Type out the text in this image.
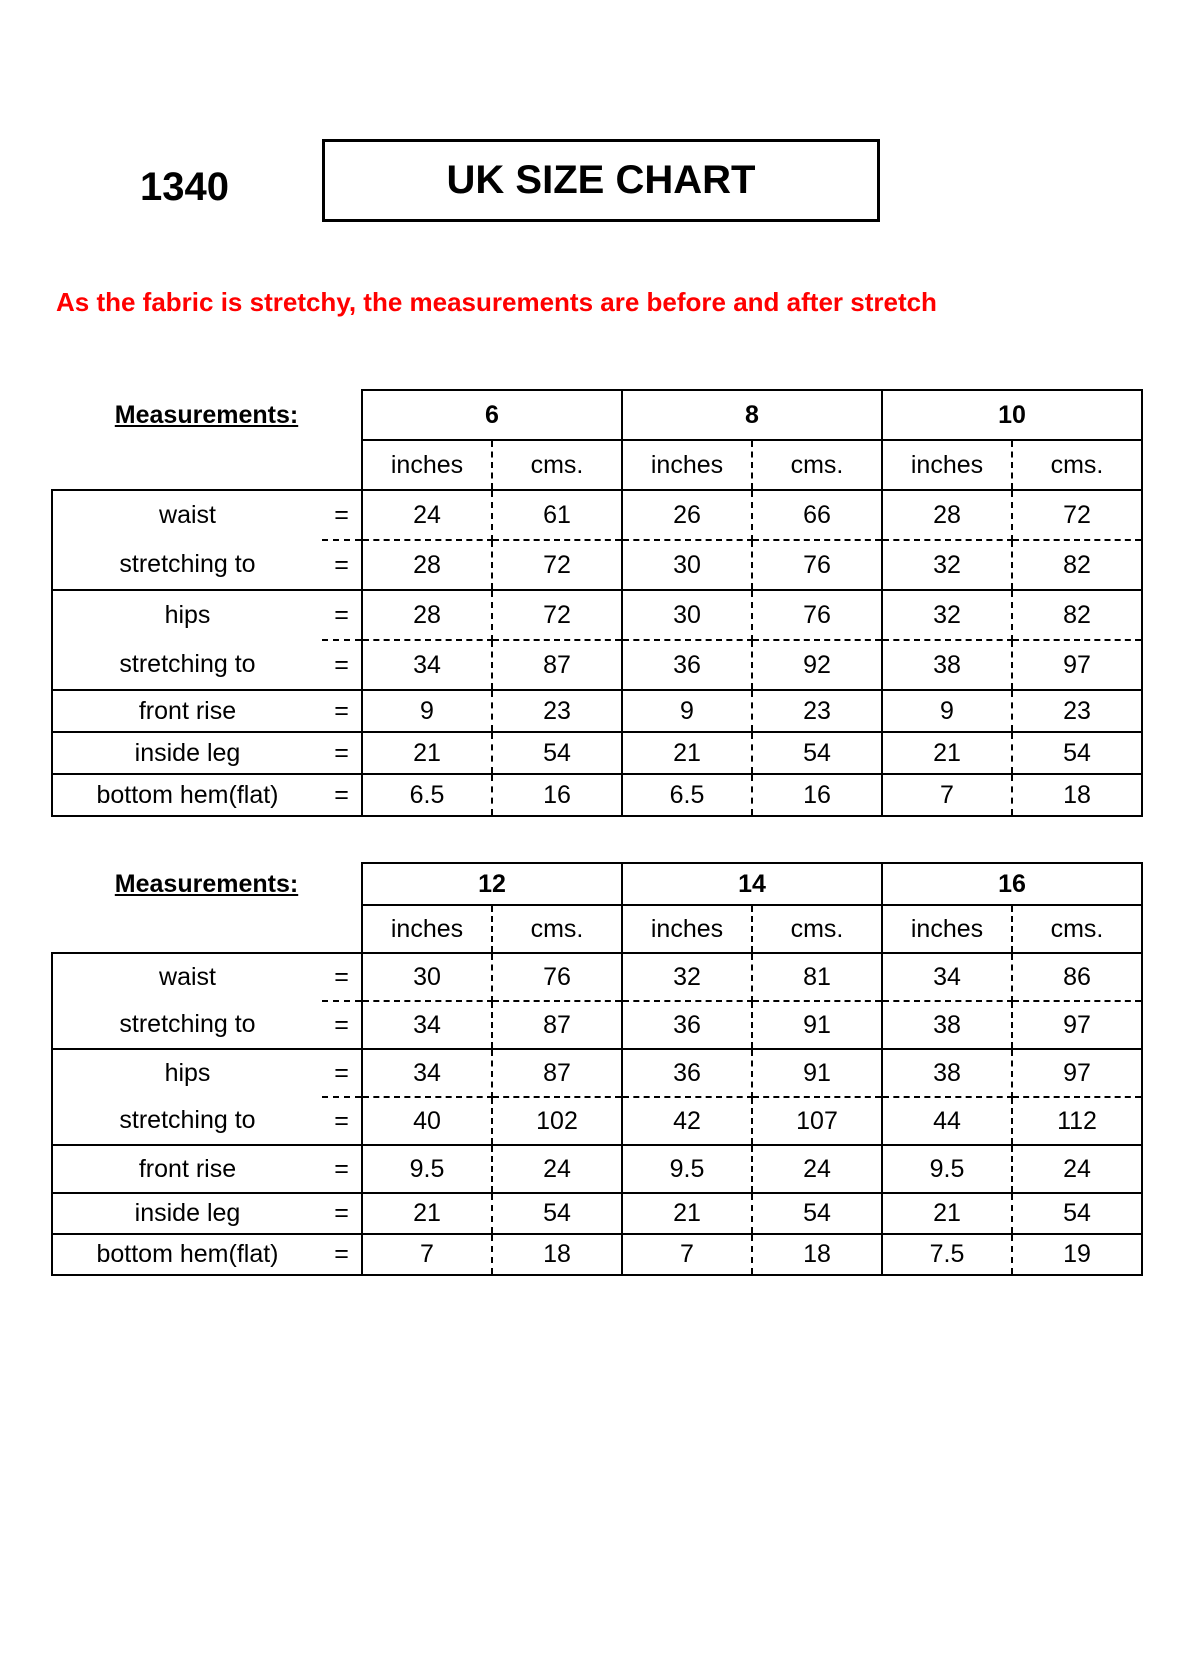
1340	UK SIZE CHART
As the fabric is stretchy, the measurements are before and after stretch
Measurements:		6		8		10	
		inches	cms.	inches	cms.	inches	cms.
waist	=	24	61	26	66	28	72
stretching to	=	28	72	30	76	32	82
hips	=	28	72	30	76	32	82
stretching to	=	34	87	36	92	38	97
front rise	=	9	23	9	23	9	23
inside leg	=	21	54	21	54	21	54
bottom hem(flat)	=	6.5	16	6.5	16	7	18
Measurements:		12		14		16	
		inches	cms.	inches	cms.	inches	cms.
waist	=	30	76	32	81	34	86
stretching to	=	34	87	36	91	38	97
hips	=	34	87	36	91	38	97
stretching to	=	40	102	42	107	44	112
front rise	=	9.5	24	9.5	24	9.5	24
inside leg	=	21	54	21	54	21	54
bottom hem(flat)	=	7	18	7	18	7.5	19
